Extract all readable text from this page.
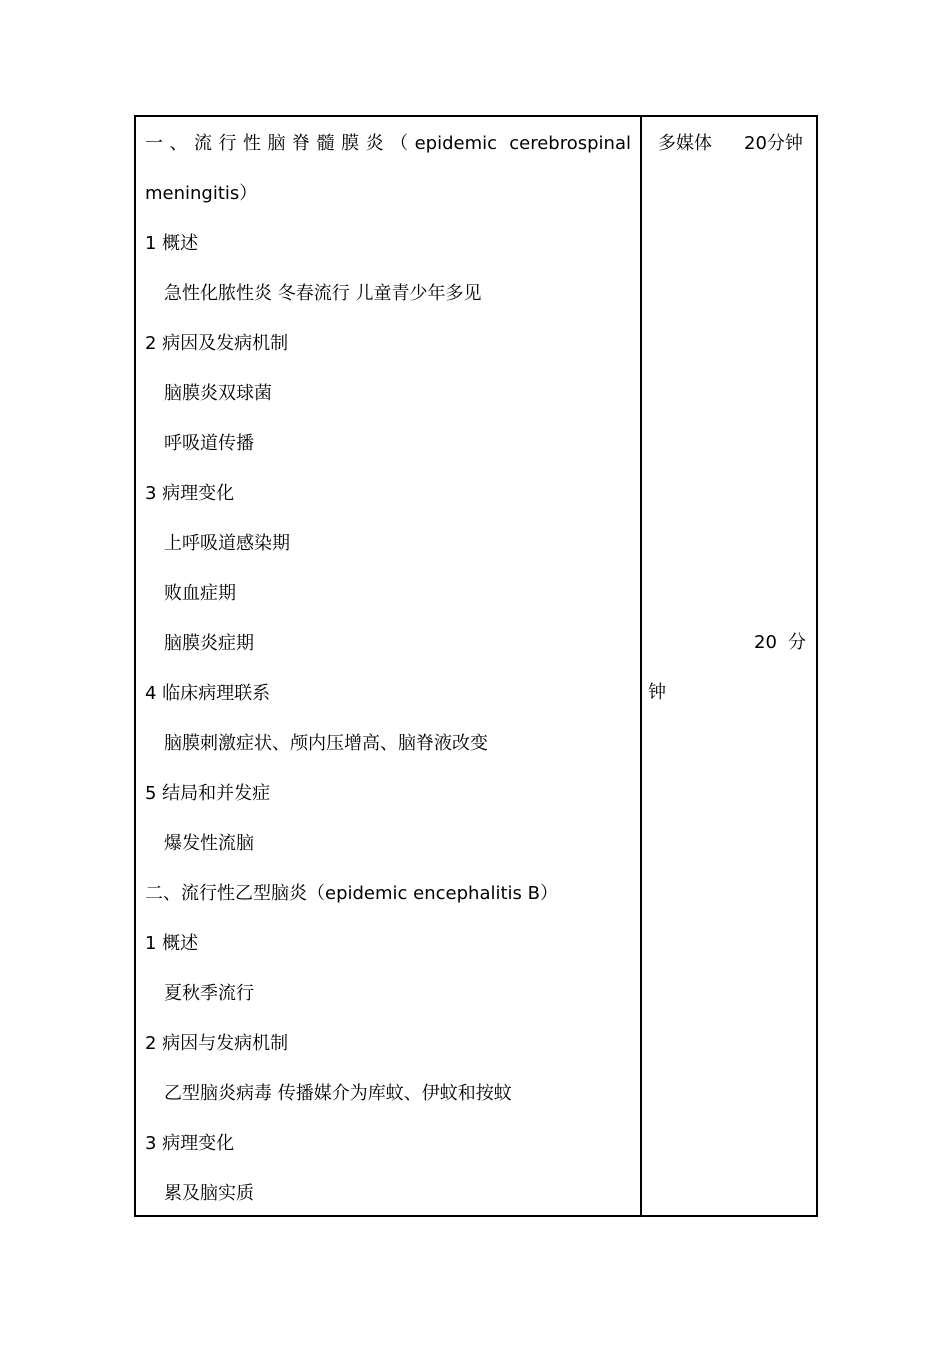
一、流行性脑脊髓膜炎（epidemic cerebrospinal
meningitis）
1 概述
急性化脓性炎 冬春流行 儿童青少年多见
2 病因及发病机制
脑膜炎双球菌
呼吸道传播
3 病理变化
上呼吸道感染期
败血症期
脑膜炎症期
4 临床病理联系
脑膜刺激症状、颅内压增高、脑脊液改变
5 结局和并发症
爆发性流脑
二、流行性乙型脑炎（epidemic encephalitis B）
1 概述
夏秋季流行
2 病因与发病机制
乙型脑炎病毒 传播媒介为库蚊、伊蚊和按蚊
3 病理变化
累及脑实质
多媒体 20分钟
20 分
钟
